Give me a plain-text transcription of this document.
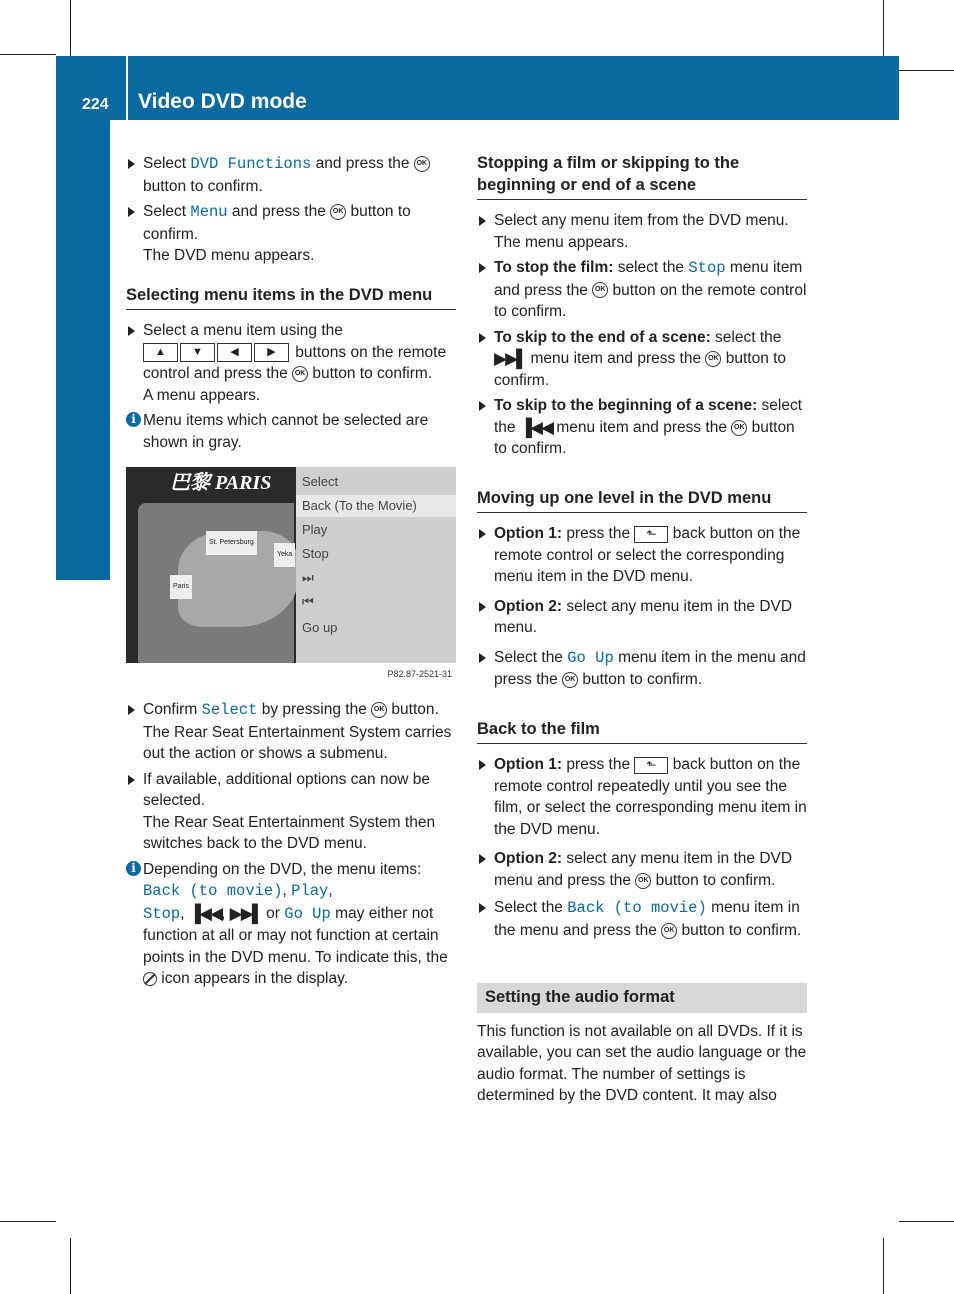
224 Video DVD mode
Rear Seat Entertainment System	Select DVD Functions and press the OK button to confirm.
Select Menu and press the OK button to confirm.
The DVD menu appears.
Selecting menu items in the DVD menu
Select a menu item using the
▲ ▼ ◀	▶ buttons on the remote control and press the OK button to confirm.
A menu appears.
i Menu items which cannot be selected are shown in gray.
巴黎 PARIS
St. Petersburg
Yeka
Paris
Select
Back (To the Movie)
Play
Stop
⏭
⏮
Go up
P82.87-2521-31
Confirm Select by pressing the OK button.
The Rear Seat Entertainment System carries out the action or shows a submenu.
If available, additional options can now be selected.
The Rear Seat Entertainment System then switches back to the DVD menu.
i Depending on the DVD, the menu items: Back (to movie), Play,
Stop, ▐◀◀, ▶▶▌ or Go Up may either not function at all or may not function at certain points in the DVD menu. To indicate this, the  icon appears in the display.
Stopping a film or skipping to the beginning or end of a scene
Select any menu item from the DVD menu.
The menu appears.
To stop the film: select the Stop menu item and press the OK button on the remote control to confirm.
To skip to the end of a scene: select the ▶▶▌ menu item and press the OK button to confirm.
To skip to the beginning of a scene: select the ▐◀◀ menu item and press the OK button to confirm.
Moving up one level in the DVD menu
Option 1: press the ⬑ back button on the remote control or select the corresponding menu item in the DVD menu.
Option 2: select any menu item in the DVD menu.
Select the Go Up menu item in the menu and press the OK button to confirm.
Back to the film
Option 1: press the ⬑ back button on the remote control repeatedly until you see the film, or select the corresponding menu item in the DVD menu.
Option 2: select any menu item in the DVD menu and press the OK button to confirm.
Select the Back (to movie) menu item in the menu and press the OK button to confirm.
Setting the audio format
This function is not available on all DVDs. If it is available, you can set the audio language or the audio format. The number of settings is determined by the DVD content. It may also
